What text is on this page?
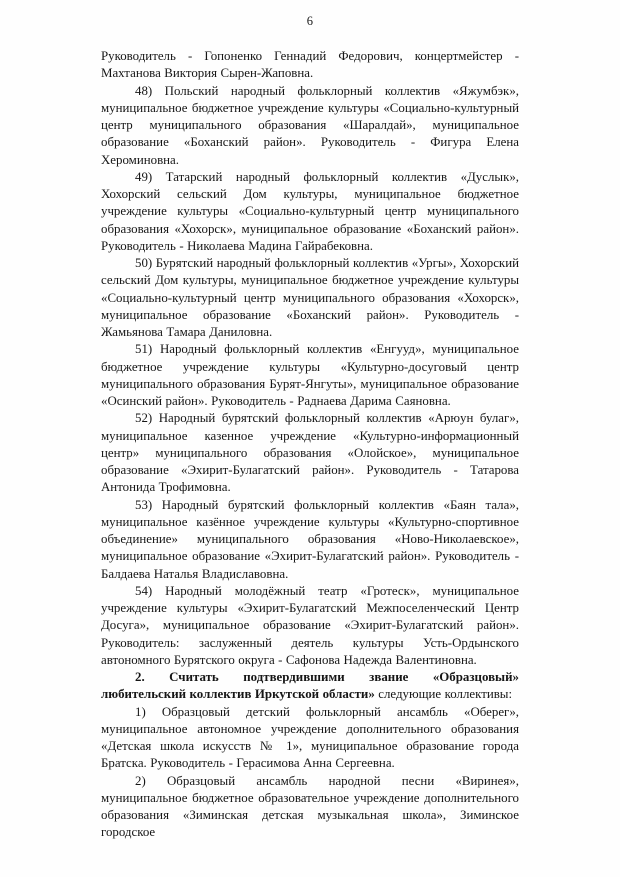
6

Руководитель - Гопоненко Геннадий Федорович, концертмейстер - Махтанова Виктория Сырен-Жаповна.

48) Польский народный фольклорный коллектив «Яжумбэк», муниципальное бюджетное учреждение культуры «Социально-культурный центр муниципального образования «Шаралдай», муниципальное образование «Боханский район». Руководитель - Фигура Елена Хероминовна.

49) Татарский народный фольклорный коллектив «Дуслык», Хохорский сельский Дом культуры, муниципальное бюджетное учреждение культуры «Социально-культурный центр муниципального образования «Хохорск», муниципальное образование «Боханский район». Руководитель - Николаева Мадина Гайрабековна.

50) Бурятский народный фольклорный коллектив «Ургы», Хохорский сельский Дом культуры, муниципальное бюджетное учреждение культуры «Социально-культурный центр муниципального образования «Хохорск», муниципальное образование «Боханский район». Руководитель - Жамьянова Тамара Даниловна.

51) Народный фольклорный коллектив «Енгууд», муниципальное бюджетное учреждение культуры «Культурно-досуговый центр муниципального образования Бурят-Янгуты», муниципальное образование «Осинский район». Руководитель - Раднаева Дарима Саяновна.

52) Народный бурятский фольклорный коллектив «Арюун булаг», муниципальное казенное учреждение «Культурно-информационный центр» муниципального образования «Олойское», муниципальное образование «Эхирит-Булагатский район». Руководитель - Татарова Антонида Трофимовна.

53) Народный бурятский фольклорный коллектив «Баян тала», муниципальное казённое учреждение культуры «Культурно-спортивное объединение» муниципального образования «Ново-Николаевское», муниципальное образование «Эхирит-Булагатский район». Руководитель - Балдаева Наталья Владиславовна.

54) Народный молодёжный театр «Гротеск», муниципальное учреждение культуры «Эхирит-Булагатский Межпоселенческий Центр Досуга», муниципальное образование «Эхирит-Булагатский район». Руководитель: заслуженный деятель культуры Усть-Ордынского автономного Бурятского округа - Сафонова Надежда Валентиновна.

2. Считать подтвердившими звание «Образцовый» любительский коллектив Иркутской области» следующие коллективы:

1) Образцовый детский фольклорный ансамбль «Оберег», муниципальное автономное учреждение дополнительного образования «Детская школа искусств № 1», муниципальное образование города Братска. Руководитель - Герасимова Анна Сергеевна.

2) Образцовый ансамбль народной песни «Виринея», муниципальное бюджетное образовательное учреждение дополнительного образования «Зиминская детская музыкальная школа», Зиминское городское
